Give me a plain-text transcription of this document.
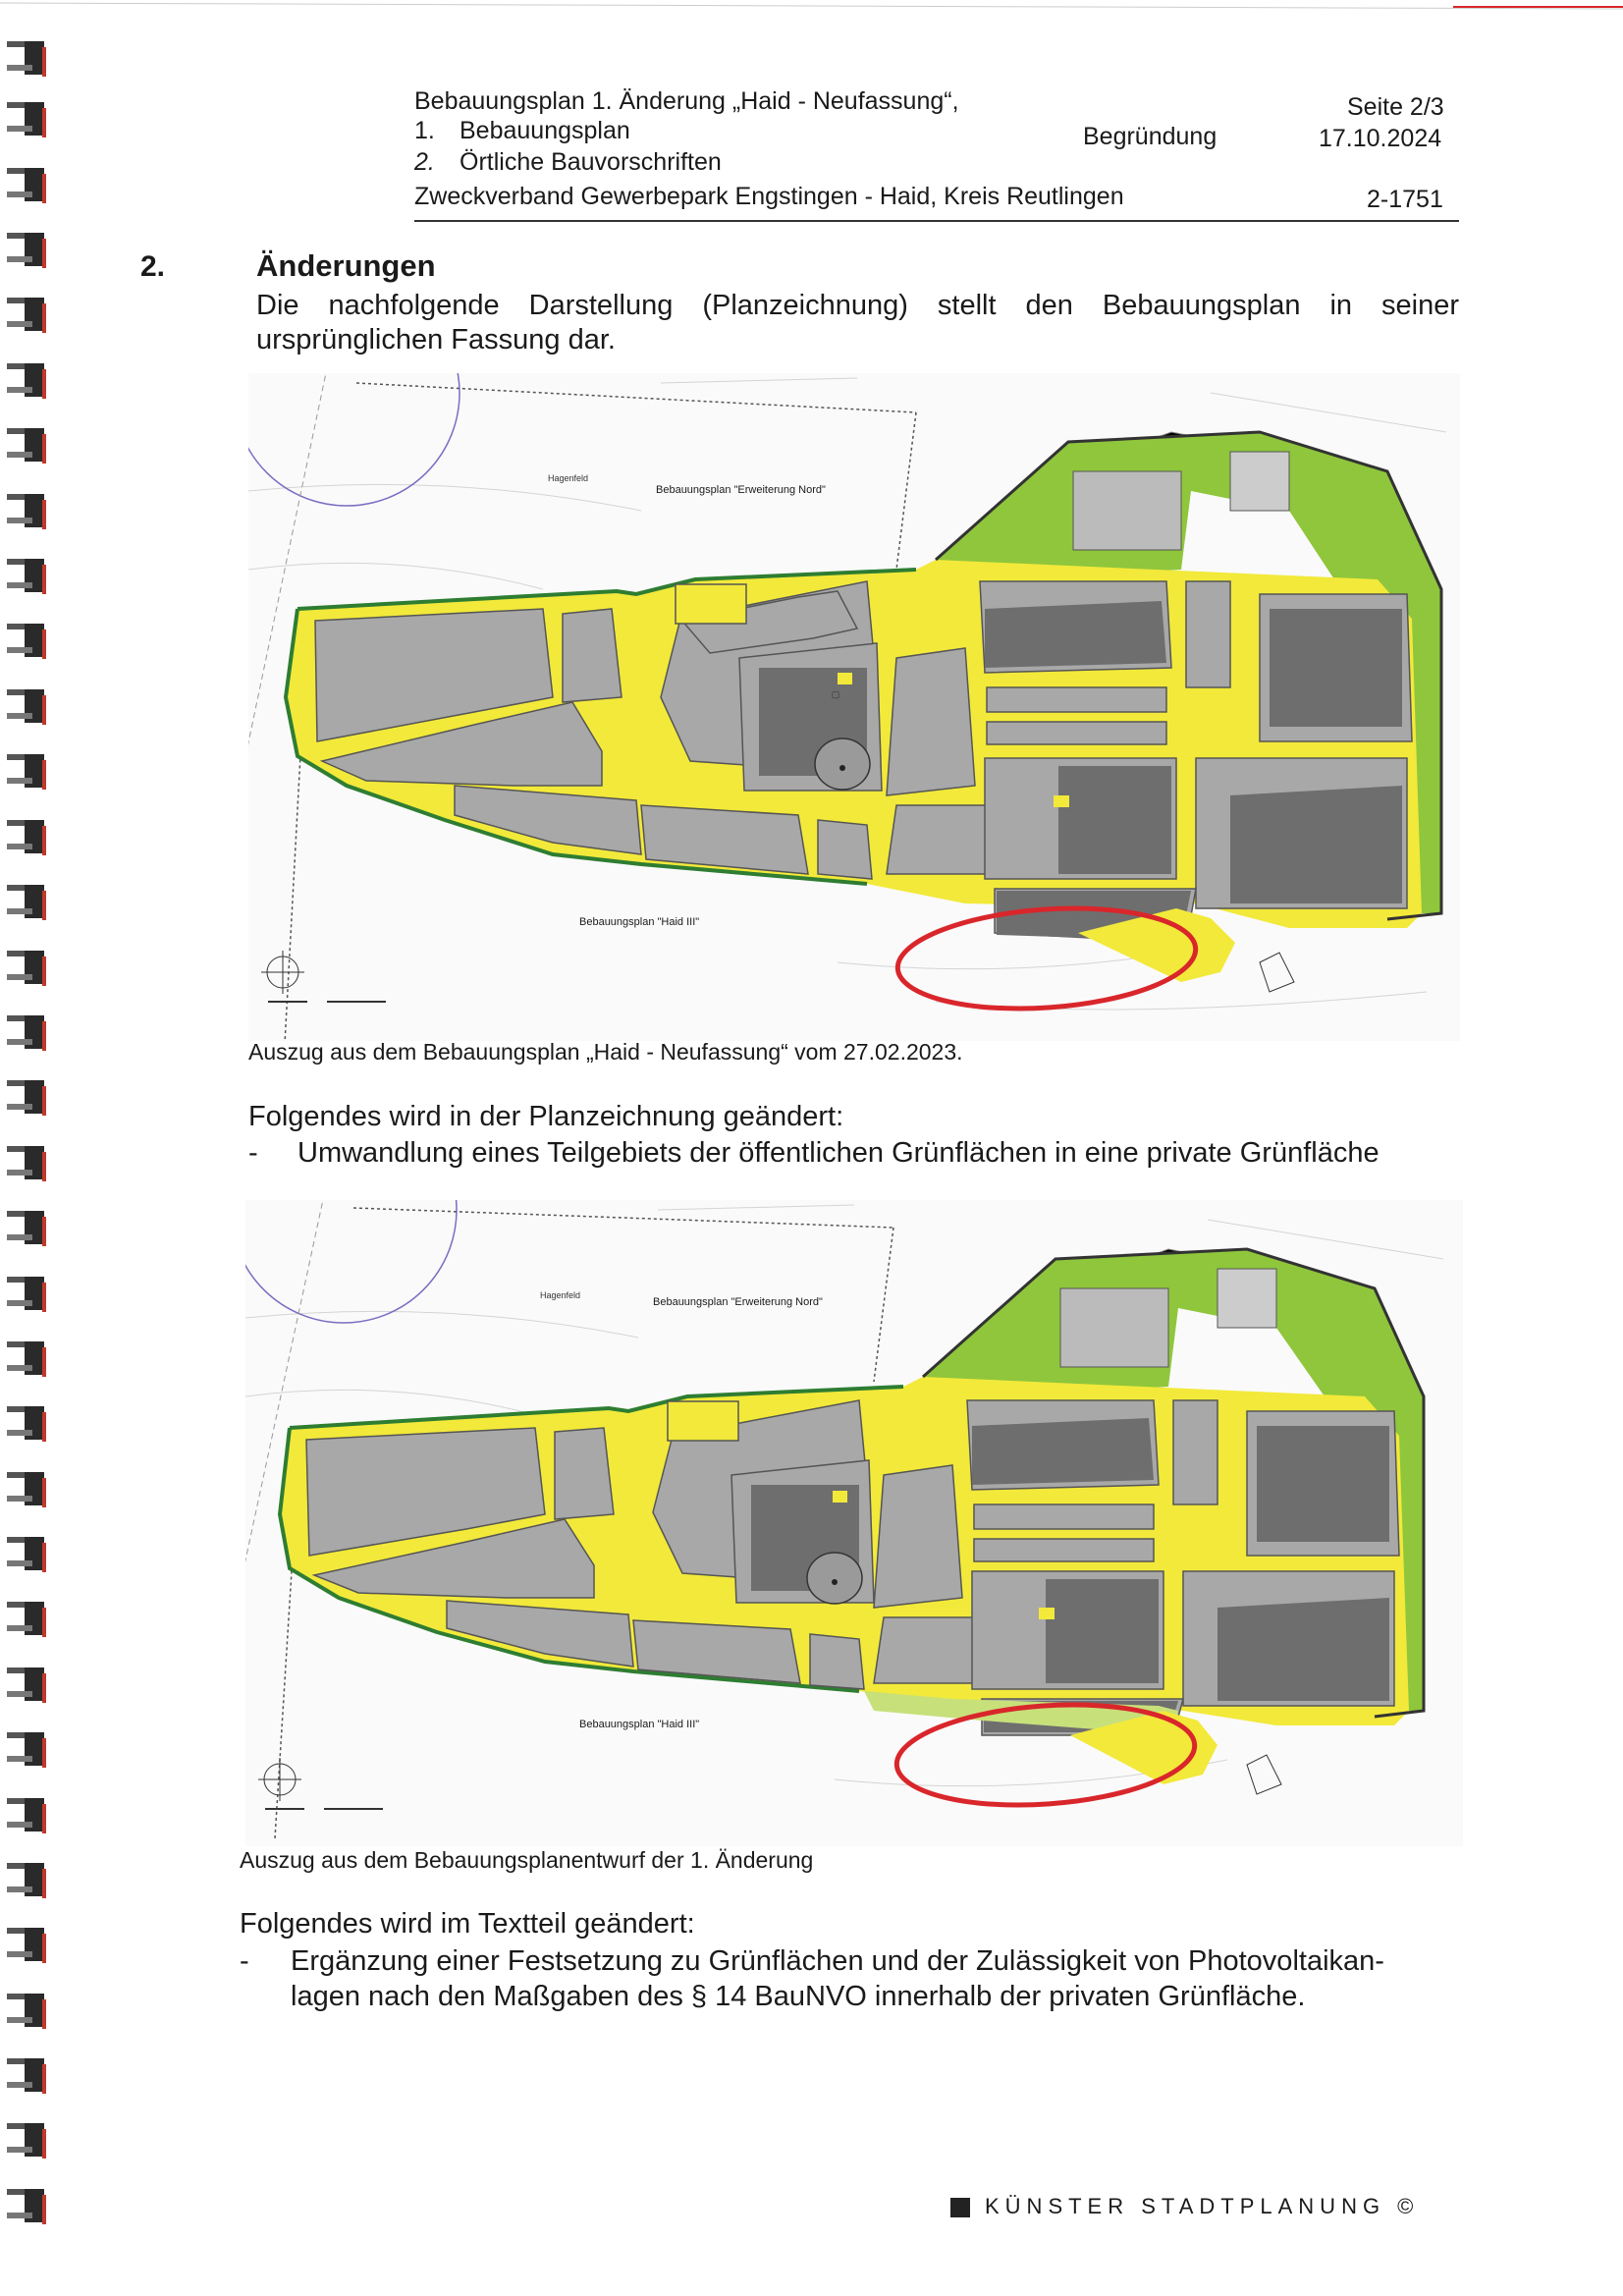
Bebauungsplan 1. Änderung „Haid - Neufassung“,
1. Bebauungsplan
2. Örtliche Bauvorschriften
Zweckverband Gewerbepark Engstingen - Haid, Kreis Reutlingen
Begründung
Seite 2/3
17.10.2024
2-1751
2.	Änderungen
Die nachfolgende Darstellung (Planzeichnung) stellt den Bebauungsplan in seiner ursprünglichen Fassung dar.
Hagenfeld
▢
Bebauungsplan "Erweiterung Nord"
Bebauungsplan "Haid III"
Auszug aus dem Bebauungsplan „Haid - Neufassung“ vom 27.02.2023.
Folgendes wird in der Planzeichnung geändert:
- Umwandlung eines Teilgebiets der öffentlichen Grünflächen in eine private Grünfläche
Hagenfeld
Bebauungsplan "Erweiterung Nord"
Bebauungsplan "Haid III"
Auszug aus dem Bebauungsplanentwurf der 1. Änderung
Folgendes wird im Textteil geändert:
- Ergänzung einer Festsetzung zu Grünflächen und der Zulässigkeit von Photovoltaikan-
lagen nach den Maßgaben des § 14 BauNVO innerhalb der privaten Grünfläche.
KÜNSTER STADTPLANUNG ©
